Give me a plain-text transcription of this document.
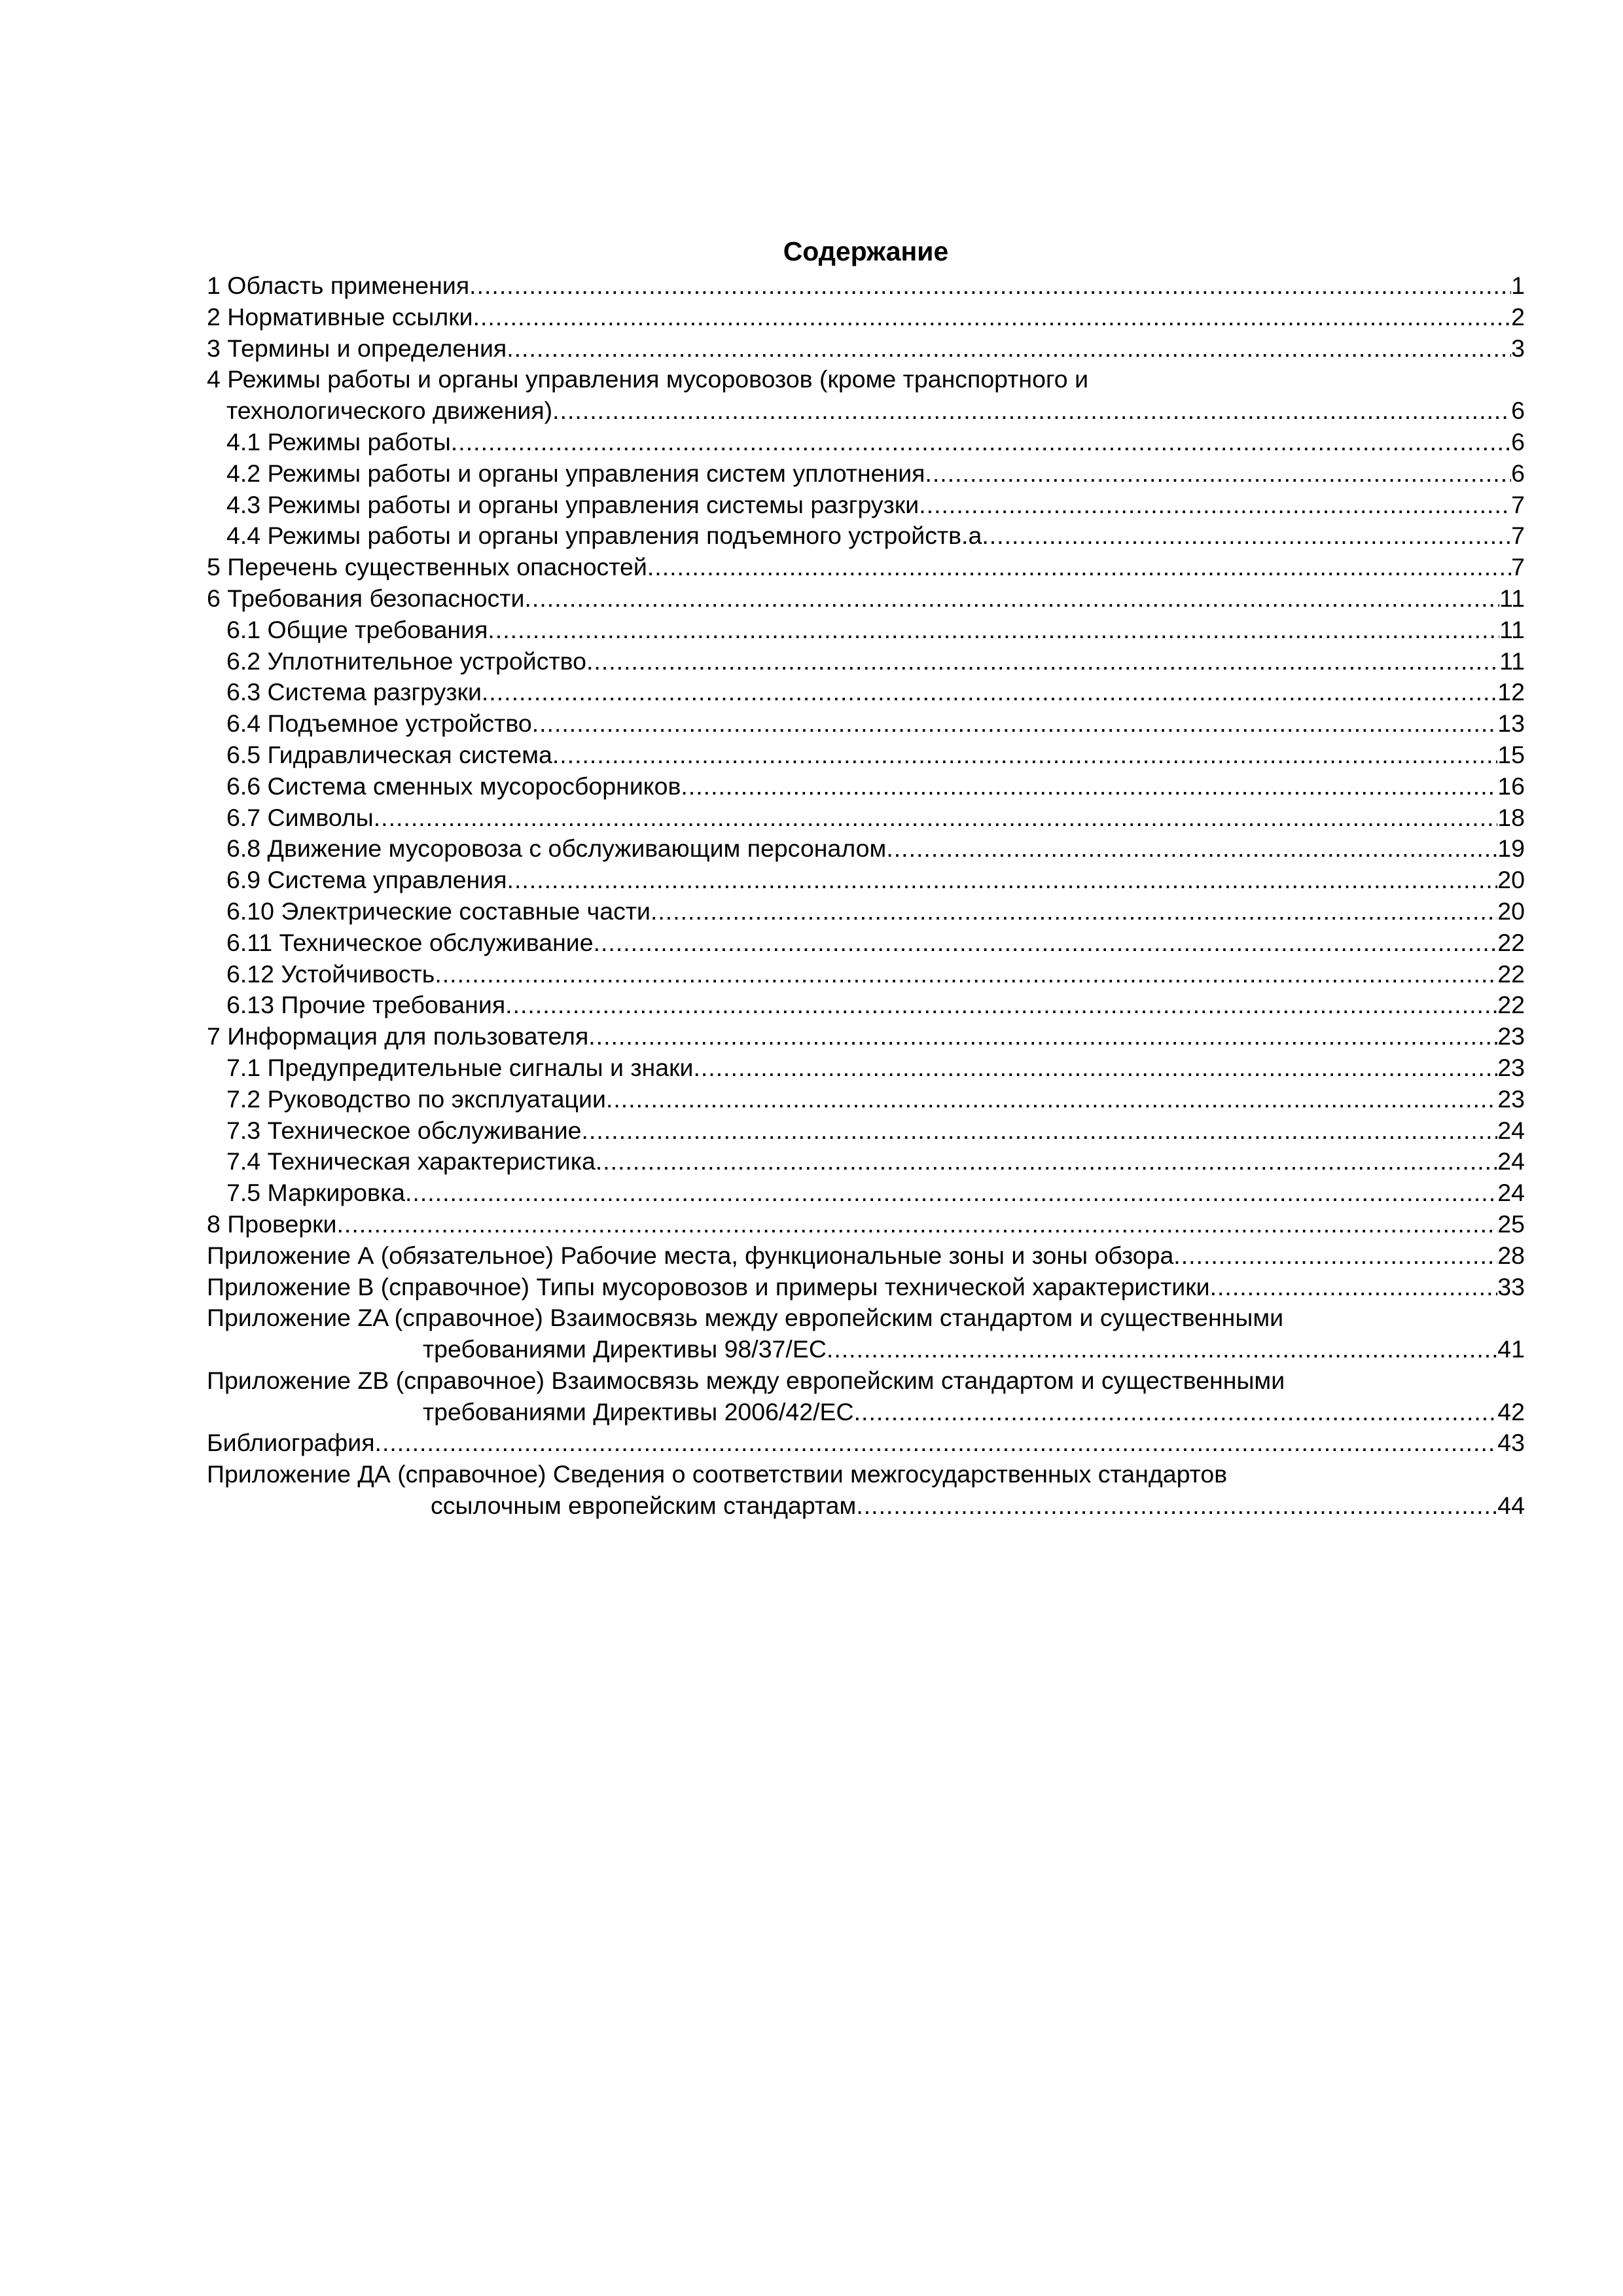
Содержание
1 Область применения .....	1
2 Нормативные ссылки .....	2
3 Термины и определения .....	3
4 Режимы работы и органы управления мусоровозов (кроме транспортного и
технологического движения) .....	6
4.1 Режимы работы .....	6
4.2 Режимы работы и органы управления систем уплотнения .....	6
4.3 Режимы работы и органы управления системы разгрузки .....	7
4.4 Режимы работы и органы управления подъемного устройств.а .....	7
5 Перечень существенных опасностей .....	7
6 Требования безопасности .....	11
6.1 Общие требования .....	11
6.2 Уплотнительное устройство .....	11
6.3 Система разгрузки .....	12
6.4 Подъемное устройство .....	13
6.5 Гидравлическая система .....	15
6.6 Система сменных мусоросборников .....	16
6.7 Символы .....	18
6.8 Движение мусоровоза с обслуживающим персоналом .....	19
6.9 Система управления .....	20
6.10 Электрические составные части .....	20
6.11 Техническое обслуживание .....	22
6.12 Устойчивость .....	22
6.13 Прочие требования .....	22
7 Информация для пользователя .....	23
7.1 Предупредительные сигналы и знаки .....	23
7.2 Руководство по эксплуатации .....	23
7.3 Техническое обслуживание .....	24
7.4 Техническая характеристика .....	24
7.5 Маркировка .....	24
8 Проверки .....	25
Приложение А (обязательное) Рабочие места, функциональные зоны и зоны обзора .....	28
Приложение В (справочное) Типы мусоровозов и примеры технической характеристики .....	33
Приложение ZA (справочное) Взаимосвязь между европейским стандартом и существенными
требованиями Директивы 98/37/ЕС .....	41
Приложение ZB (справочное) Взаимосвязь между европейским стандартом и существенными
требованиями Директивы 2006/42/ЕС .....	42
Библиография .....	43
Приложение ДА (справочное) Сведения о соответствии межгосударственных стандартов
ссылочным европейским стандартам .....	44
